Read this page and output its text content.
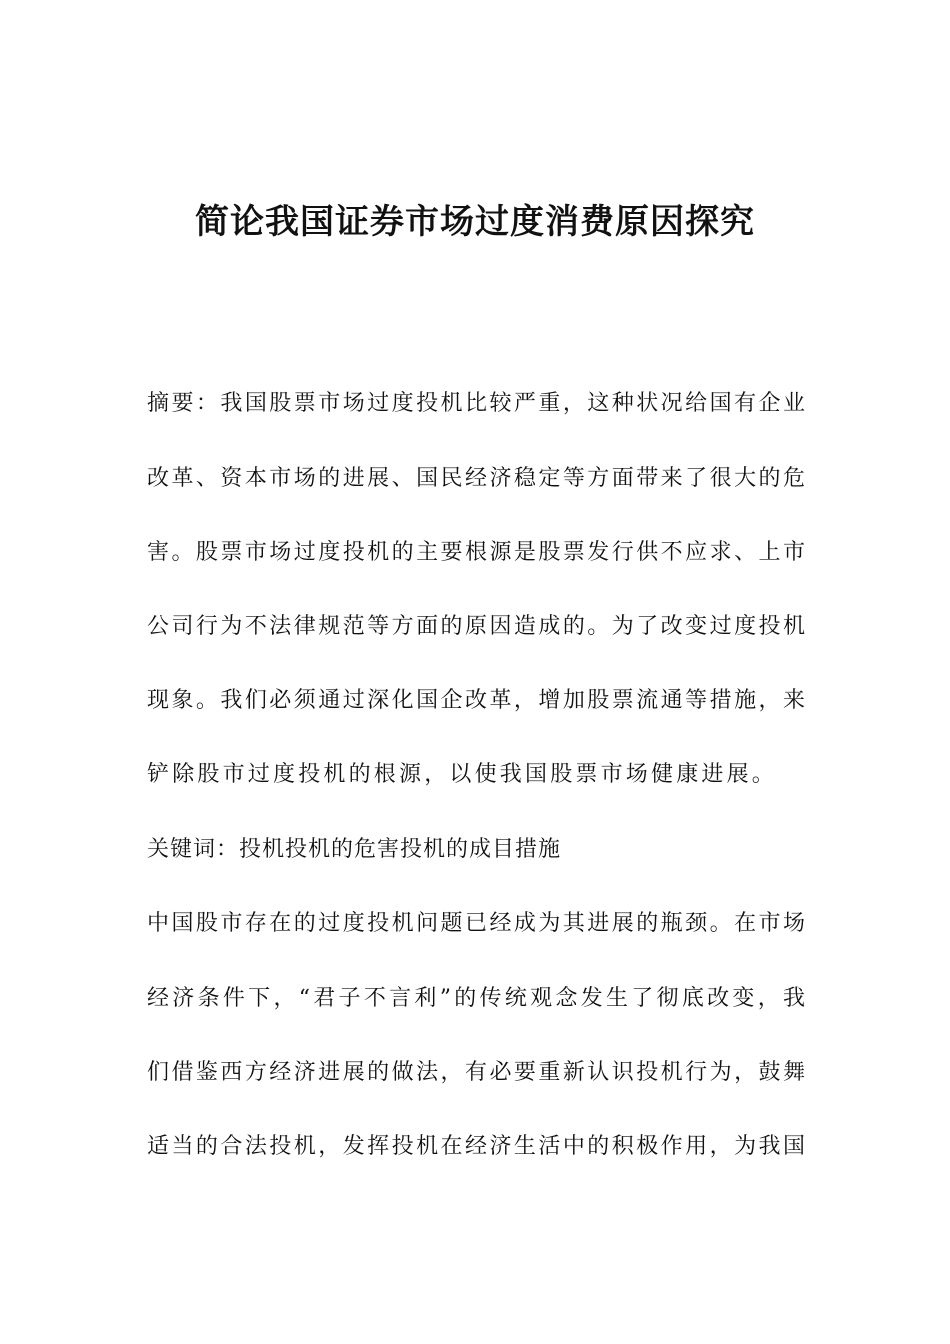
简论我国证券市场过度消费原因探究
摘要：我国股票市场过度投机比较严重，这种状况给国有企业
改革、资本市场的进展、国民经济稳定等方面带来了很大的危
害。股票市场过度投机的主要根源是股票发行供不应求、上市
公司行为不法律规范等方面的原因造成的。为了改变过度投机
现象。我们必须通过深化国企改革，增加股票流通等措施，来
铲除股市过度投机的根源，以使我国股票市场健康进展。
关键词：投机投机的危害投机的成目措施
中国股市存在的过度投机问题已经成为其进展的瓶颈。在市场
经济条件下，“君子不言利”的传统观念发生了彻底改变，我
们借鉴西方经济进展的做法，有必要重新认识投机行为，鼓舞
适当的合法投机，发挥投机在经济生活中的积极作用，为我国
